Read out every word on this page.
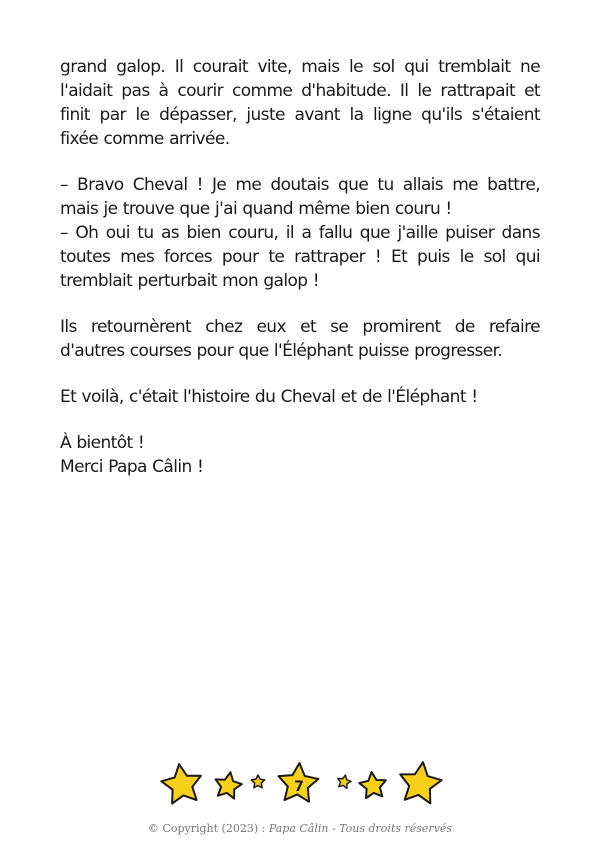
grand galop. Il courait vite, mais le sol qui tremblait ne
l'aidait pas à courir comme d'habitude. Il le rattrapait et
finit par le dépasser, juste avant la ligne qu'ils s'étaient
fixée comme arrivée.

– Bravo Cheval ! Je me doutais que tu allais me battre,
mais je trouve que j'ai quand même bien couru !
– Oh oui tu as bien couru, il a fallu que j'aille puiser dans
toutes mes forces pour te rattraper ! Et puis le sol qui
tremblait perturbait mon galop !

Ils retournèrent chez eux et se promirent de refaire
d'autres courses pour que l'Éléphant puisse progresser.

Et voilà, c'était l'histoire du Cheval et de l'Éléphant !

À bientôt !
Merci Papa Câlin !

7
© Copyright (2023) : Papa Câlin - Tous droits réservés
